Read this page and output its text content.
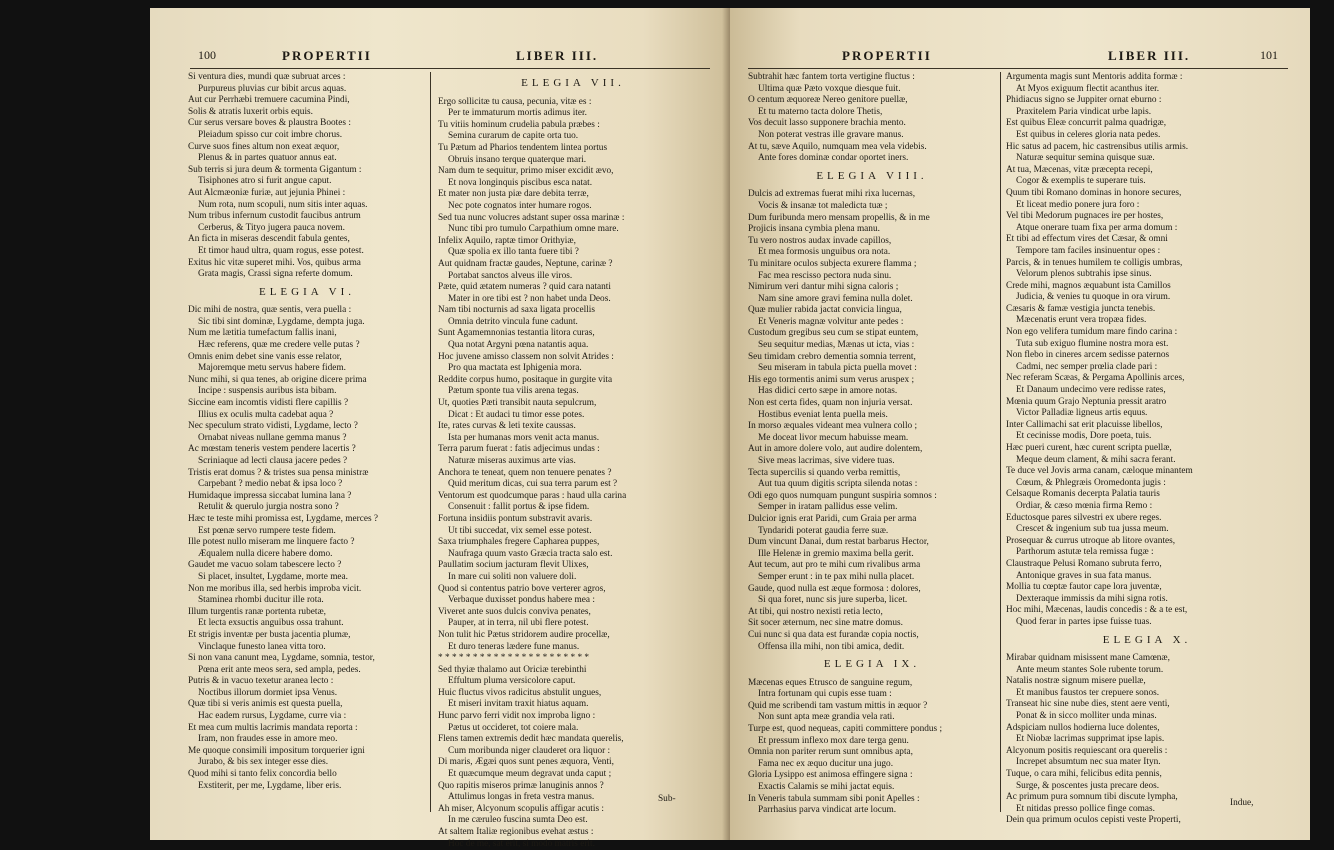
100	PROPERTII	LIBER III.

Si ventura dies, mundi quæ subruat arces :

Purpureus pluvias cur bibit arcus aquas.

Aut cur Perrhæbi tremuere cacumina Pindi,

Solis & atratis luxerit orbis equis.

Cur serus versare boves & plaustra Bootes :

Pleiadum spisso cur coit imbre chorus.

Curve suos fines altum non exeat æquor,

Plenus & in partes quatuor annus eat.

Sub terris si jura deum & tormenta Gigantum :

Tisiphones atro si furit angue caput.

Aut Alcmæoniæ furiæ, aut jejunia Phinei :

Num rota, num scopuli, num sitis inter aquas.

Num tribus infernum custodit faucibus antrum

Cerberus, & Tityo jugera pauca novem.

An ficta in miseras descendit fabula gentes,

Et timor haud ultra, quam rogus, esse potest.

Exitus hic vitæ superet mihi. Vos, quibus arma

Grata magis, Crassi signa referte domum.

ELEGIA VI.

Dic mihi de nostra, quæ sentis, vera puella :

Sic tibi sint dominæ, Lygdame, dempta juga.

Num me lætitia tumefactum fallis inani,

Hæc referens, quæ me credere velle putas ?

Omnis enim debet sine vanis esse relator,

Majoremque metu servus habere fidem.

Nunc mihi, si qua tenes, ab origine dicere prima

Incipe : suspensis auribus ista bibam.

Siccine eam incomtis vidisti flere capillis ?

Illius ex oculis multa cadebat aqua ?

Nec speculum strato vidisti, Lygdame, lecto ?

Ornabat niveas nullane gemma manus ?

Ac mœstam teneris vestem pendere lacertis ?

Scriniaque ad lecti clausa jacere pedes ?

Tristis erat domus ? & tristes sua pensa ministræ

Carpebant ? medio nebat & ipsa loco ?

Humidaque impressa siccabat lumina lana ?

Retulit & querulo jurgia nostra sono ?

Hæc te teste mihi promissa est, Lygdame, merces ?

Est pœnæ servo rumpere teste fidem.

Ille potest nullo miseram me linquere facto ?

Æqualem nulla dicere habere domo.

Gaudet me vacuo solam tabescere lecto ?

Si placet, insultet, Lygdame, morte mea.

Non me moribus illa, sed herbis improba vicit.

Staminea rhombi ducitur ille rota.

Illum turgentis ranæ portenta rubetæ,

Et lecta exsuctis anguibus ossa trahunt.

Et strigis inventæ per busta jacentia plumæ,

Vinclaque funesto lanea vitta toro.

Si non vana canunt mea, Lygdame, somnia, testor,

Pœna erit ante meos sera, sed ampla, pedes.

Putris & in vacuo texetur aranea lecto :

Noctibus illorum dormiet ipsa Venus.

Quæ tibi si veris animis est questa puella,

Hac eadem rursus, Lygdame, curre via :

Et mea cum multis lacrimis mandata reporta :

Iram, non fraudes esse in amore meo.

Me quoque consimili impositum torquerier igni

Jurabo, & bis sex integer esse dies.

Quod mihi si tanto felix concordia bello

Exstiterit, per me, Lygdame, liber eris.

ELEGIA VII.

Ergo sollicitæ tu causa, pecunia, vitæ es :

Per te immaturum mortis adimus iter.

Tu vitiis hominum crudelia pabula præbes :

Semina curarum de capite orta tuo.

Tu Pætum ad Pharios tendentem lintea portus

Obruis insano terque quaterque mari.

Nam dum te sequitur, primo miser excidit ævo,

Et nova longinquis piscibus esca natat.

Et mater non justa piæ dare debita terræ,

Nec pote cognatos inter humare rogos.

Sed tua nunc volucres adstant super ossa marinæ :

Nunc tibi pro tumulo Carpathium omne mare.

Infelix Aquilo, raptæ timor Orithyiæ,

Quæ spolia ex illo tanta fuere tibi ?

Aut quidnam fractæ gaudes, Neptune, carinæ ?

Portabat sanctos alveus ille viros.

Pæte, quid ætatem numeras ? quid cara natanti

Mater in ore tibi est ? non habet unda Deos.

Nam tibi nocturnis ad saxa ligata procellis

Omnia detrito vincula fune cadunt.

Sunt Agamemnonias testantia litora curas,

Qua notat Argyni pœna natantis aqua.

Hoc juvene amisso classem non solvit Atrides :

Pro qua mactata est Iphigenia mora.

Reddite corpus humo, positaque in gurgite vita

Pætum sponte tua vilis arena tegas.

Ut, quoties Pæti transibit nauta sepulcrum,

Dicat : Et audaci tu timor esse potes.

Ite, rates curvas & leti texite caussas.

Ista per humanas mors venit acta manus.

Terra parum fuerat : fatis adjecimus undas :

Naturæ miseras auximus arte vias.

Anchora te teneat, quem non tenuere penates ?

Quid meritum dicas, cui sua terra parum est ?

Ventorum est quodcumque paras : haud ulla carina

Consenuit : fallit portus & ipse fidem.

Fortuna insidiis pontum substravit avaris.

Ut tibi succedat, vix semel esse potest.

Saxa triumphales fregere Capharea puppes,

Naufraga quum vasto Græcia tracta salo est.

Paullatim socium jacturam flevit Ulixes,

In mare cui soliti non valuere doli.

Quod si contentus patrio bove verterer agros,

Verbaque duxisset pondus habere mea :

Viveret ante suos dulcis conviva penates,

Pauper, at in terra, nil ubi flere potest.

Non tulit hic Pætus stridorem audire procellæ,

Et duro teneras lædere fune manus.

* * * * * * * * * * * * * * * * * * * * * *

Sed thyiæ thalamo aut Oriciæ terebinthi

Effultum pluma versicolore caput.

Huic fluctus vivos radicitus abstulit ungues,

Et miseri invitam traxit hiatus aquam.

Hunc parvo ferri vidit nox improba ligno :

Pætus ut occideret, tot coiere mala.

Flens tamen extremis dedit hæc mandata querelis,

Cum moribunda niger clauderet ora liquor :

Di maris, Ægæi quos sunt penes æquora, Venti,

Et quæcumque meum degravat unda caput ;

Quo rapitis miseros primæ lanuginis annos ?

Attulimus longas in freta vestra manus.

Ah miser, Alcyonum scopulis affigar acutis :

In me cæruleo fuscina sumta Deo est.

At saltem Italiæ regionibus evehat æstus :

Hoc de me, sat erit, si modo matris erit.

Sub-
PROPERTII	LIBER III.	101

Subtrahit hæc fantem torta vertigine fluctus :

Ultima quæ Pæto voxque diesque fuit.

O centum æquoreæ Nereo genitore puellæ,

Et tu materno tacta dolore Thetis,

Vos decuit lasso supponere brachia mento.

Non poterat vestras ille gravare manus.

At tu, sæve Aquilo, numquam mea vela videbis.

Ante fores dominæ condar oportet iners.

ELEGIA VIII.

Dulcis ad extremas fuerat mihi rixa lucernas,

Vocis & insanæ tot maledicta tuæ ;

Dum furibunda mero mensam propellis, & in me

Projicis insana cymbia plena manu.

Tu vero nostros audax invade capillos,

Et mea formosis unguibus ora nota.

Tu minitare oculos subjecta exurere flamma ;

Fac mea rescisso pectora nuda sinu.

Nimirum veri dantur mihi signa caloris ;

Nam sine amore gravi femina nulla dolet.

Quæ mulier rabida jactat convicia lingua,

Et Veneris magnæ volvitur ante pedes :

Custodum gregibus seu cum se stipat euntem,

Seu sequitur medias, Mænas ut icta, vias :

Seu timidam crebro dementia somnia terrent,

Seu miseram in tabula picta puella movet :

His ego tormentis animi sum verus aruspex ;

Has didici certo sæpe in amore notas.

Non est certa fides, quam non injuria versat.

Hostibus eveniat lenta puella meis.

In morso æquales videant mea vulnera collo ;

Me doceat livor mecum habuisse meam.

Aut in amore dolere volo, aut audire dolentem,

Sive meas lacrimas, sive videre tuas.

Tecta supercilis si quando verba remittis,

Aut tua quum digitis scripta silenda notas :

Odi ego quos numquam pungunt suspiria somnos :

Semper in iratam pallidus esse velim.

Dulcior ignis erat Paridi, cum Graia per arma

Tyndaridi poterat gaudia ferre suæ.

Dum vincunt Danai, dum restat barbarus Hector,

Ille Helenæ in gremio maxima bella gerit.

Aut tecum, aut pro te mihi cum rivalibus arma

Semper erunt : in te pax mihi nulla placet.

Gaude, quod nulla est æque formosa : dolores,

Si qua foret, nunc sis jure superba, licet.

At tibi, qui nostro nexisti retia lecto,

Sit socer æternum, nec sine matre domus.

Cui nunc si qua data est furandæ copia noctis,

Offensa illa mihi, non tibi amica, dedit.

ELEGIA IX.

Mæcenas eques Etrusco de sanguine regum,

Intra fortunam qui cupis esse tuam :

Quid me scribendi tam vastum mittis in æquor ?

Non sunt apta meæ grandia vela rati.

Turpe est, quod nequeas, capiti committere pondus ;

Et pressum inflexo mox dare terga genu.

Omnia non pariter rerum sunt omnibus apta,

Fama nec ex æquo ducitur una jugo.

Gloria Lysippo est animosa effingere signa :

Exactis Calamis se mihi jactat equis.

In Veneris tabula summam sibi ponit Apelles :

Parrhasius parva vindicat arte locum.

Argumenta magis sunt Mentoris addita formæ :

At Myos exiguum flectit acanthus iter.

Phidiacus signo se Juppiter ornat eburno :

Praxitelem Paria vindicat urbe lapis.

Est quibus Eleæ concurrit palma quadrigæ,

Est quibus in celeres gloria nata pedes.

Hic satus ad pacem, hic castrensibus utilis armis.

Naturæ sequitur semina quisque suæ.

At tua, Mæcenas, vitæ præcepta recepi,

Cogor & exemplis te superare tuis.

Quum tibi Romano dominas in honore secures,

Et liceat medio ponere jura foro :

Vel tibi Medorum pugnaces ire per hostes,

Atque onerare tuam fixa per arma domum :

Et tibi ad effectum vires det Cæsar, & omni

Tempore tam faciles insinuentur opes :

Parcis, & in tenues humilem te colligis umbras,

Velorum plenos subtrahis ipse sinus.

Crede mihi, magnos æquabunt ista Camillos

Judicia, & venies tu quoque in ora virum.

Cæsaris & famæ vestigia juncta tenebis.

Mæcenatis erunt vera tropæa fides.

Non ego velifera tumidum mare findo carina :

Tuta sub exiguo flumine nostra mora est.

Non flebo in cineres arcem sedisse paternos

Cadmi, nec semper prœlia clade pari :

Nec referam Scæas, & Pergama Apollinis arces,

Et Danaum undecimo vere redisse rates,

Mœnia quum Grajo Neptunia pressit aratro

Victor Palladiæ ligneus artis equus.

Inter Callimachi sat erit placuisse libellos,

Et cecinisse modis, Dore poeta, tuis.

Hæc pueri curent, hæc curent scripta puellæ,

Meque deum clament, & mihi sacra ferant.

Te duce vel Jovis arma canam, cæloque minantem

Cœum, & Phlegræis Oromedonta jugis :

Celsaque Romanis decerpta Palatia tauris

Ordiar, & cæso mœnia firma Remo :

Eductosque pares silvestri ex ubere reges.

Crescet & ingenium sub tua jussa meum.

Prosequar & currus utroque ab litore ovantes,

Parthorum astutæ tela remissa fugæ :

Claustraque Pelusi Romano subruta ferro,

Antonique graves in sua fata manus.

Mollia tu cœptæ fautor cape lora juventæ,

Dexteraque immissis da mihi signa rotis.

Hoc mihi, Mæcenas, laudis concedis : & a te est,

Quod ferar in partes ipse fuisse tuas.

ELEGIA X.

Mirabar quidnam misissent mane Camœnæ,

Ante meum stantes Sole rubente torum.

Natalis nostræ signum misere puellæ,

Et manibus faustos ter crepuere sonos.

Transeat hic sine nube dies, stent aere venti,

Ponat & in sicco molliter unda minas.

Adspiciam nullos hodierna luce dolentes,

Et Niobæ lacrimas supprimat ipse lapis.

Alcyonum positis requiescant ora querelis :

Increpet absumtum nec sua mater Ityn.

Tuque, o cara mihi, felicibus edita pennis,

Surge, & poscentes justa precare deos.

Ac primum pura somnum tibi discute lympha,

Et nitidas presso pollice finge comas.

Dein qua primum oculos cepisti veste Properti,

Indue,
